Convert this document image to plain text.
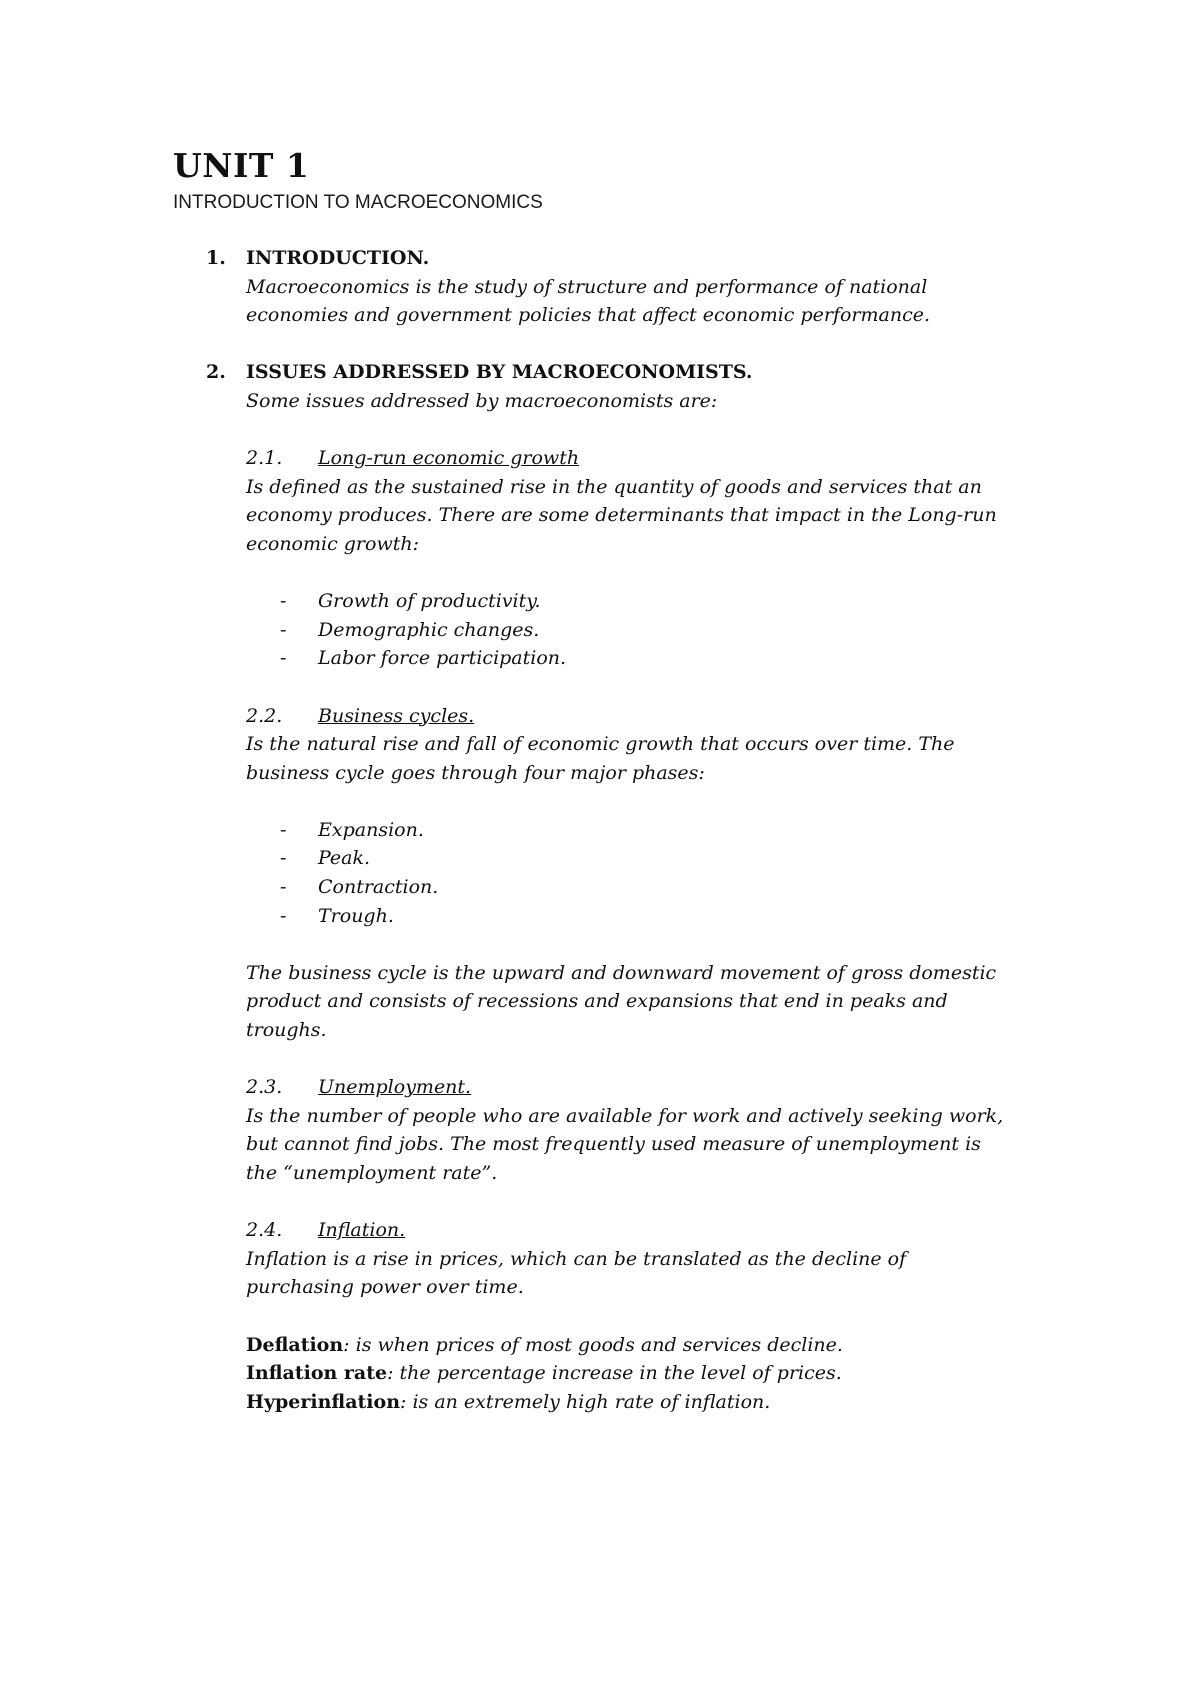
UNIT 1

INTRODUCTION TO MACROECONOMICS

1. INTRODUCTION.

Macroeconomics is the study of structure and performance of national

economies and government policies that affect economic performance.

2. ISSUES ADDRESSED BY MACROECONOMISTS.

Some issues addressed by macroeconomists are:

2.1. Long-run economic growth

Is defined as the sustained rise in the quantity of goods and services that an

economy produces. There are some determinants that impact in the Long-run

economic growth:

- Growth of productivity.
- Demographic changes.
- Labor force participation.

2.2. Business cycles.

Is the natural rise and fall of economic growth that occurs over time. The

business cycle goes through four major phases:

- Expansion.
- Peak.
- Contraction.
- Trough.

The business cycle is the upward and downward movement of gross domestic

product and consists of recessions and expansions that end in peaks and

troughs.

2.3. Unemployment.

Is the number of people who are available for work and actively seeking work,

but cannot find jobs. The most frequently used measure of unemployment is

the “unemployment rate”.

2.4. Inflation.

Inflation is a rise in prices, which can be translated as the decline of

purchasing power over time.

Deflation: is when prices of most goods and services decline.

Inflation rate: the percentage increase in the level of prices.

Hyperinflation: is an extremely high rate of inflation.
